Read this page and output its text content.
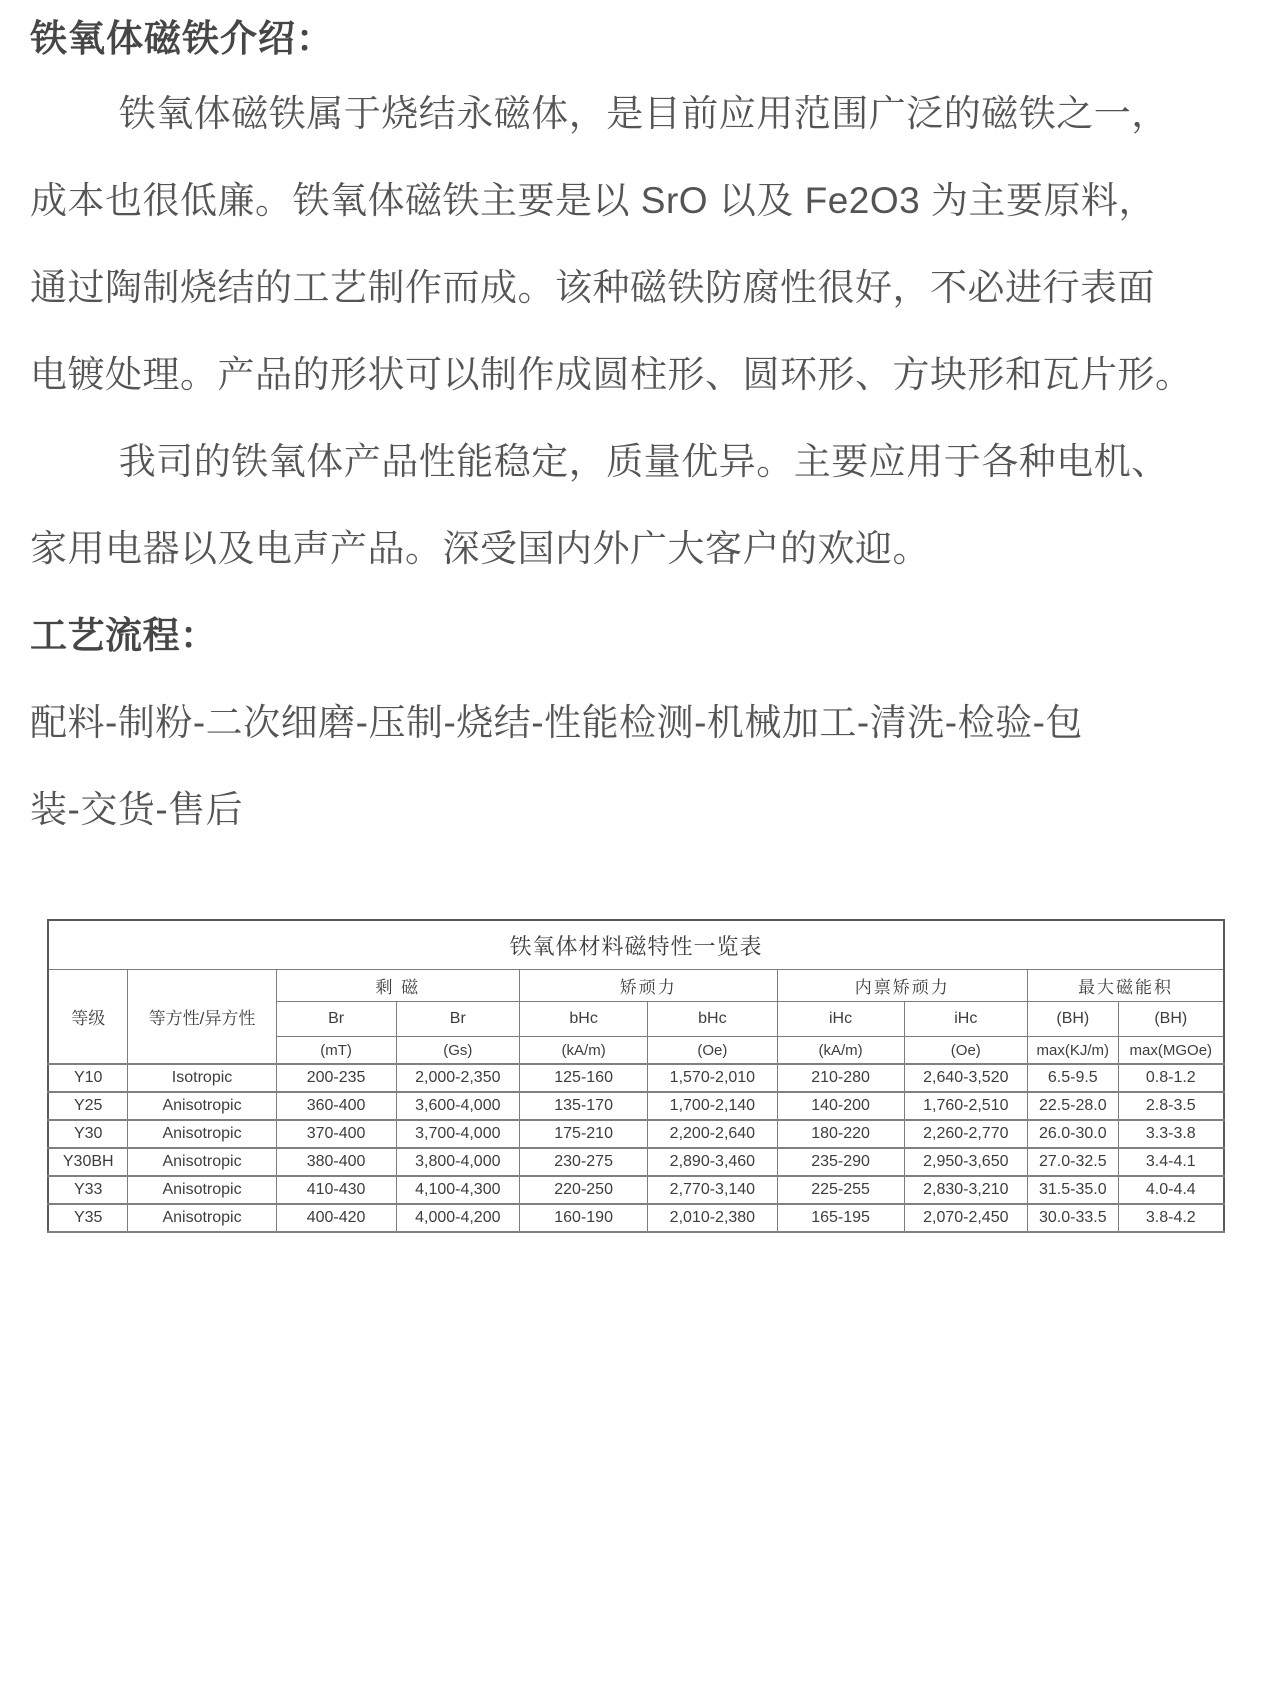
铁氧体磁铁介绍：
铁氧体磁铁属于烧结永磁体，是目前应用范围广泛的磁铁之一，
成本也很低廉。铁氧体磁铁主要是以 SrO 以及 Fe2O3 为主要原料，
通过陶制烧结的工艺制作而成。该种磁铁防腐性很好，不必进行表面
电镀处理。产品的形状可以制作成圆柱形、圆环形、方块形和瓦片形。
我司的铁氧体产品性能稳定，质量优异。主要应用于各种电机、
家用电器以及电声产品。深受国内外广大客户的欢迎。
工艺流程：
配料-制粉-二次细磨-压制-烧结-性能检测-机械加工-清洗-检验-包
装-交货-售后
铁氧体材料磁特性一览表									
等级	等方性/异方性	剩 磁		矫顽力		内禀矫顽力		最大磁能积	
		Br	Br	bHc	bHc	iHc	iHc	(BH)	(BH)
		(mT)	(Gs)	(kA/m)	(Oe)	(kA/m)	(Oe)	max(KJ/m)	max(MGOe)
Y10	Isotropic	200-235	2,000-2,350	125-160	1,570-2,010	210-280	2,640-3,520	6.5-9.5	0.8-1.2
Y25	Anisotropic	360-400	3,600-4,000	135-170	1,700-2,140	140-200	1,760-2,510	22.5-28.0	2.8-3.5
Y30	Anisotropic	370-400	3,700-4,000	175-210	2,200-2,640	180-220	2,260-2,770	26.0-30.0	3.3-3.8
Y30BH	Anisotropic	380-400	3,800-4,000	230-275	2,890-3,460	235-290	2,950-3,650	27.0-32.5	3.4-4.1
Y33	Anisotropic	410-430	4,100-4,300	220-250	2,770-3,140	225-255	2,830-3,210	31.5-35.0	4.0-4.4
Y35	Anisotropic	400-420	4,000-4,200	160-190	2,010-2,380	165-195	2,070-2,450	30.0-33.5	3.8-4.2
